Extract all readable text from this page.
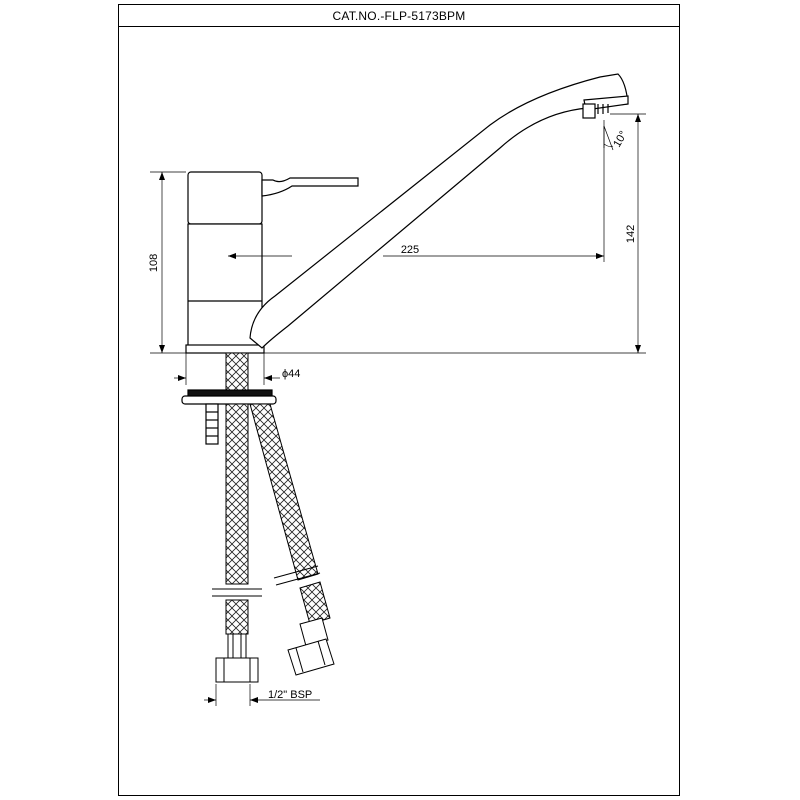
CAT.NO.-FLP-5173BPM
108
142
225
ϕ44
10°
1/2" BSP
